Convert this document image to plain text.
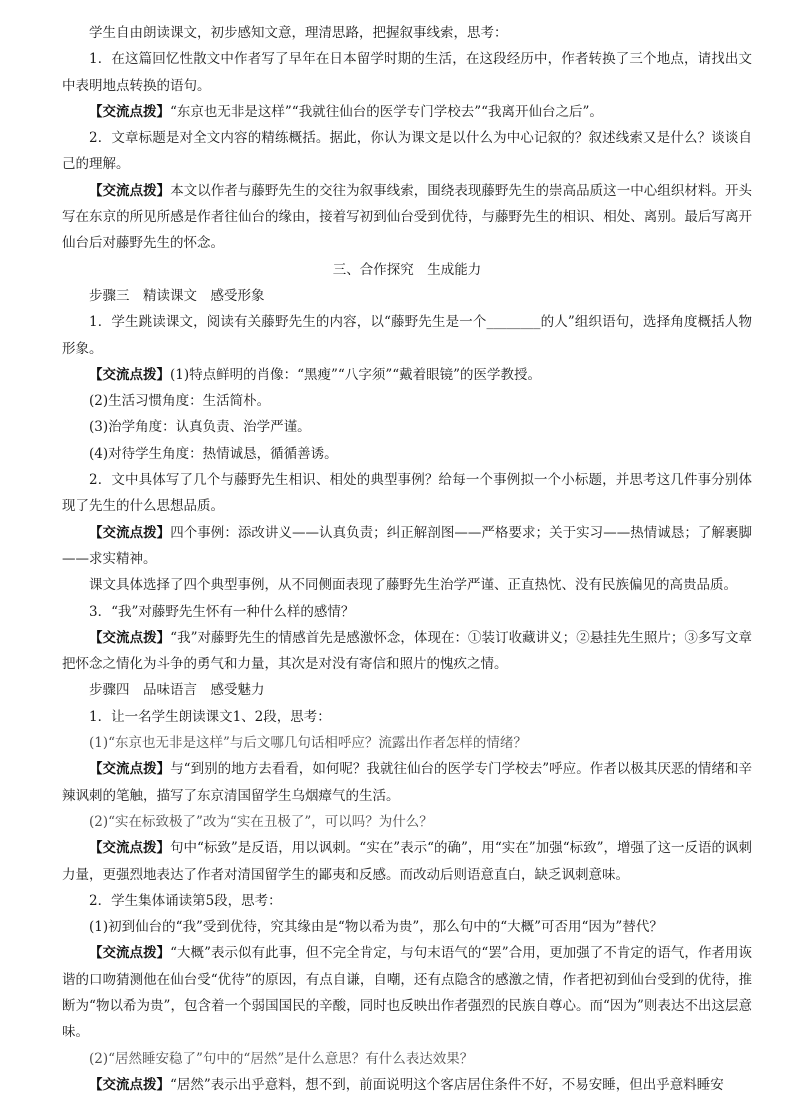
学生自由朗读课文，初步感知文意，理清思路，把握叙事线索，思考：

1．在这篇回忆性散文中作者写了早年在日本留学时期的生活，在这段经历中，作者转换了三个地点，请找出文中表明地点转换的语句。

【交流点拨】“东京也无非是这样”“我就往仙台的医学专门学校去”“我离开仙台之后”。

2．文章标题是对全文内容的精练概括。据此，你认为课文是以什么为中心记叙的？叙述线索又是什么？谈谈自己的理解。

【交流点拨】本文以作者与藤野先生的交往为叙事线索，围绕表现藤野先生的崇高品质这一中心组织材料。开头写在东京的所见所感是作者往仙台的缘由，接着写初到仙台受到优待，与藤野先生的相识、相处、离别。最后写离开仙台后对藤野先生的怀念。

三、合作探究　生成能力

步骤三　精读课文　感受形象

1．学生跳读课文，阅读有关藤野先生的内容，以“藤野先生是一个________的人”组织语句，选择角度概括人物形象。

【交流点拨】(1)特点鲜明的肖像：“黑瘦”“八字须”“戴着眼镜”的医学教授。

(2)生活习惯角度：生活简朴。

(3)治学角度：认真负责、治学严谨。

(4)对待学生角度：热情诚恳，循循善诱。

2．文中具体写了几个与藤野先生相识、相处的典型事例？给每一个事例拟一个小标题，并思考这几件事分别体现了先生的什么思想品质。

【交流点拨】四个事例：添改讲义——认真负责；纠正解剖图——严格要求；关于实习——热情诚恳；了解裹脚——求实精神。

课文具体选择了四个典型事例，从不同侧面表现了藤野先生治学严谨、正直热忱、没有民族偏见的高贵品质。

3．“我”对藤野先生怀有一种什么样的感情？

【交流点拨】“我”对藤野先生的情感首先是感激怀念，体现在：①装订收藏讲义；②悬挂先生照片；③多写文章把怀念之情化为斗争的勇气和力量，其次是对没有寄信和照片的愧疚之情。

步骤四　品味语言　感受魅力

1．让一名学生朗读课文1、2段，思考：

(1)“东京也无非是这样”与后文哪几句话相呼应？流露出作者怎样的情绪？

【交流点拨】与“到别的地方去看看，如何呢？我就往仙台的医学专门学校去”呼应。作者以极其厌恶的情绪和辛辣讽刺的笔触，描写了东京清国留学生乌烟瘴气的生活。

(2)“实在标致极了”改为“实在丑极了”，可以吗？为什么？

【交流点拨】句中“标致”是反语，用以讽刺。“实在”表示“的确”，用“实在”加强“标致”，增强了这一反语的讽刺力量，更强烈地表达了作者对清国留学生的鄙夷和反感。而改动后则语意直白，缺乏讽刺意味。

2．学生集体诵读第5段，思考：

(1)初到仙台的“我”受到优待，究其缘由是“物以希为贵”，那么句中的“大概”可否用“因为”替代？

【交流点拨】“大概”表示似有此事，但不完全肯定，与句末语气的“罢”合用，更加强了不肯定的语气，作者用诙谐的口吻猜测他在仙台受“优待”的原因，有点自谦，自嘲，还有点隐含的感激之情，作者把初到仙台受到的优待，推断为“物以希为贵”，包含着一个弱国国民的辛酸，同时也反映出作者强烈的民族自尊心。而“因为”则表达不出这层意味。

(2)“居然睡安稳了”句中的“居然”是什么意思？有什么表达效果？

【交流点拨】“居然”表示出乎意料，想不到，前面说明这个客店居住条件不好，不易安睡，但出乎意料睡安
